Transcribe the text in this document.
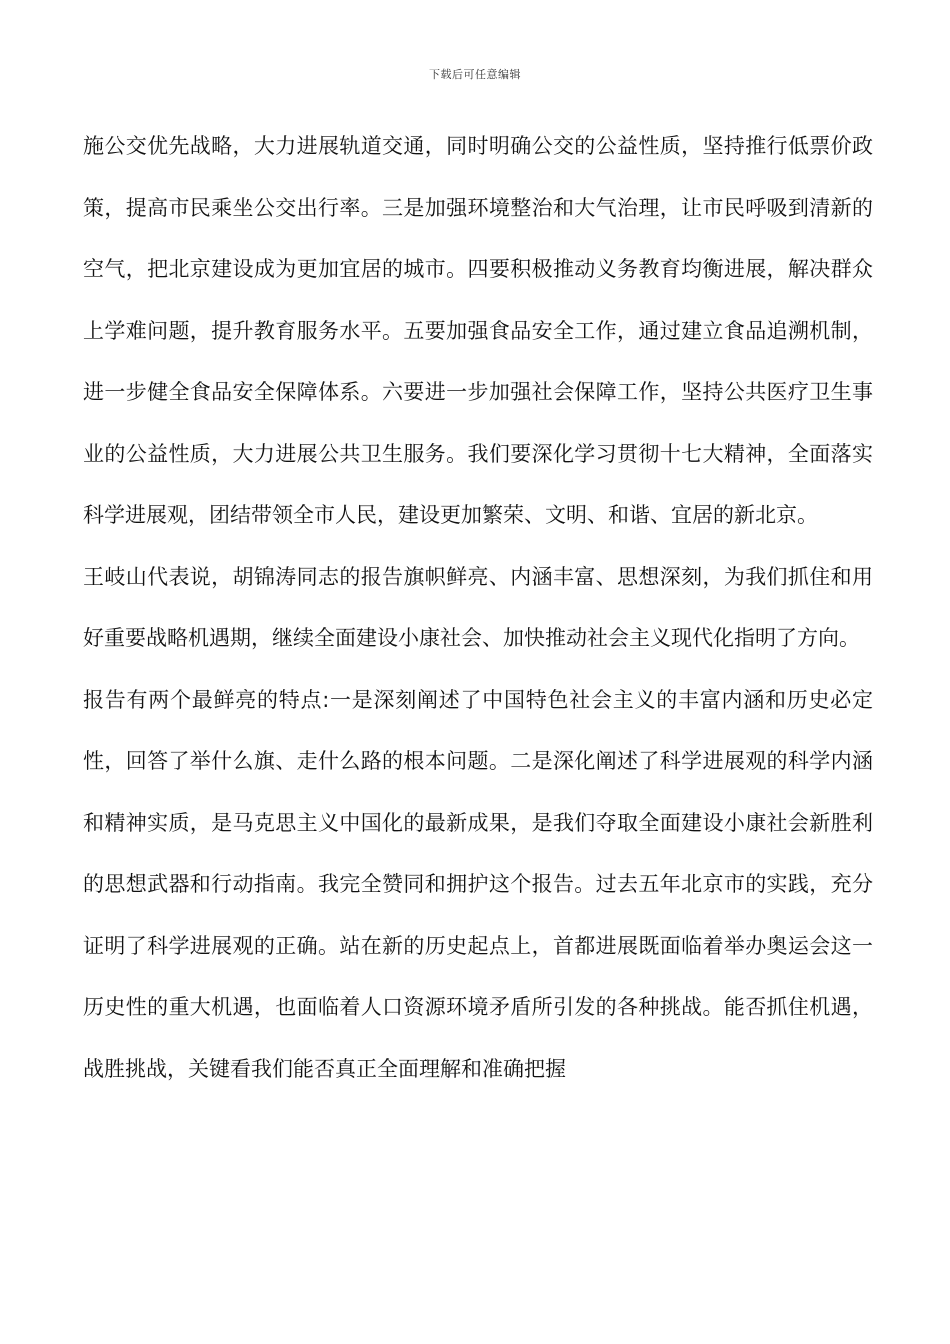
下载后可任意编辑

施公交优先战略，大力进展轨道交通，同时明确公交的公益性质，坚持推行低票价政策，提高市民乘坐公交出行率。三是加强环境整治和大气治理，让市民呼吸到清新的空气，把北京建设成为更加宜居的城市。四要积极推动义务教育均衡进展，解决群众上学难问题，提升教育服务水平。五要加强食品安全工作，通过建立食品追溯机制，进一步健全食品安全保障体系。六要进一步加强社会保障工作，坚持公共医疗卫生事业的公益性质，大力进展公共卫生服务。我们要深化学习贯彻十七大精神，全面落实科学进展观，团结带领全市人民，建设更加繁荣、文明、和谐、宜居的新北京。

王岐山代表说，胡锦涛同志的报告旗帜鲜亮、内涵丰富、思想深刻，为我们抓住和用好重要战略机遇期，继续全面建设小康社会、加快推动社会主义现代化指明了方向。

报告有两个最鲜亮的特点:一是深刻阐述了中国特色社会主义的丰富内涵和历史必定性，回答了举什么旗、走什么路的根本问题。二是深化阐述了科学进展观的科学内涵和精神实质，是马克思主义中国化的最新成果，是我们夺取全面建设小康社会新胜利的思想武器和行动指南。我完全赞同和拥护这个报告。过去五年北京市的实践，充分证明了科学进展观的正确。站在新的历史起点上，首都进展既面临着举办奥运会这一历史性的重大机遇，也面临着人口资源环境矛盾所引发的各种挑战。能否抓住机遇，战胜挑战，关键看我们能否真正全面理解和准确把握
